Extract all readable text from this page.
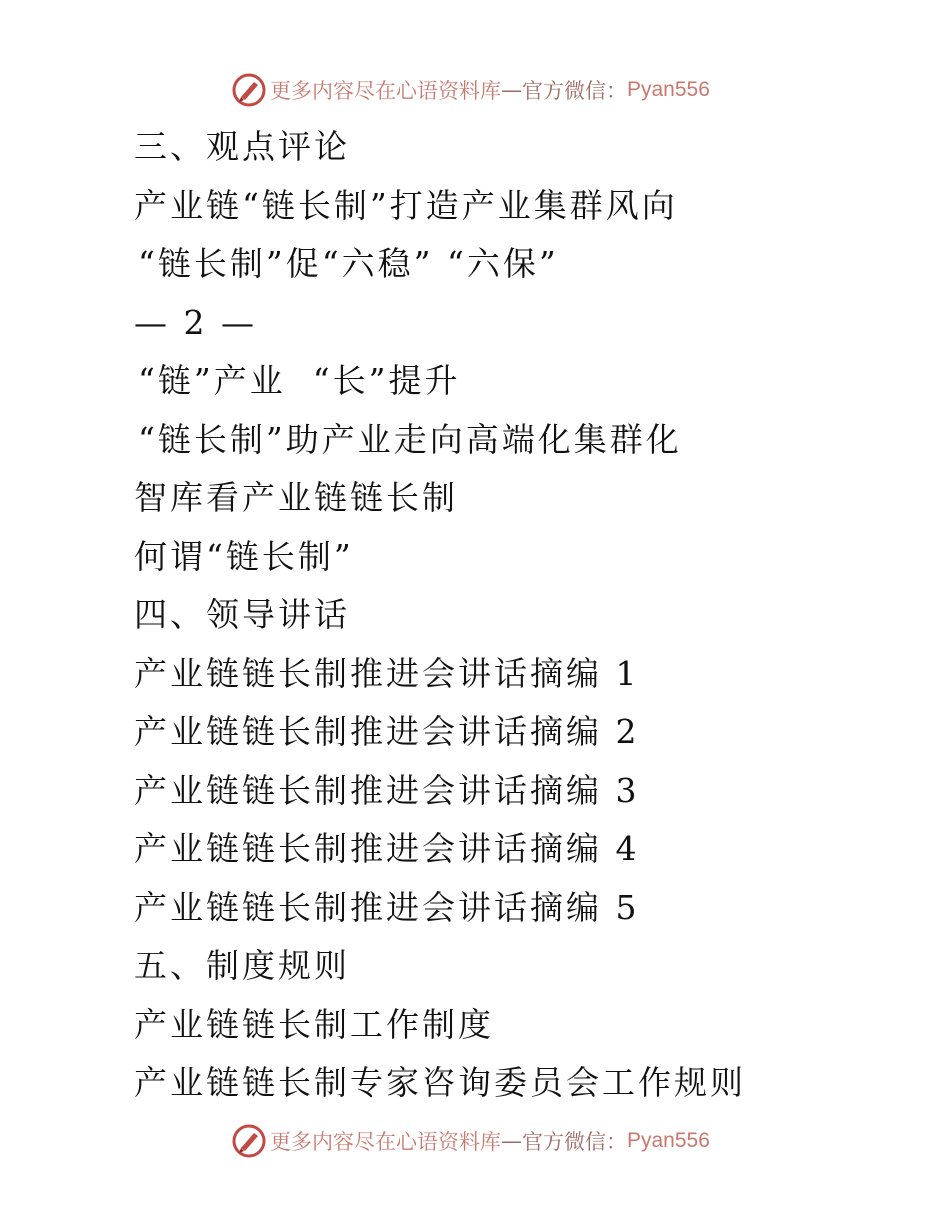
更多内容尽在心语资料库 — 官方微信： Pyan556
三、观点评论
产业链“链长制”打造产业集群风向
“链长制”促“六稳” “六保”
— 2 —
“链”产业  “长”提升
“链长制”助产业走向高端化集群化
智库看产业链链长制
何谓“链长制”
四、领导讲话
产业链链长制推进会讲话摘编 1
产业链链长制推进会讲话摘编 2
产业链链长制推进会讲话摘编 3
产业链链长制推进会讲话摘编 4
产业链链长制推进会讲话摘编 5
五、制度规则
产业链链长制工作制度
产业链链长制专家咨询委员会工作规则
更多内容尽在心语资料库 — 官方微信： Pyan556
